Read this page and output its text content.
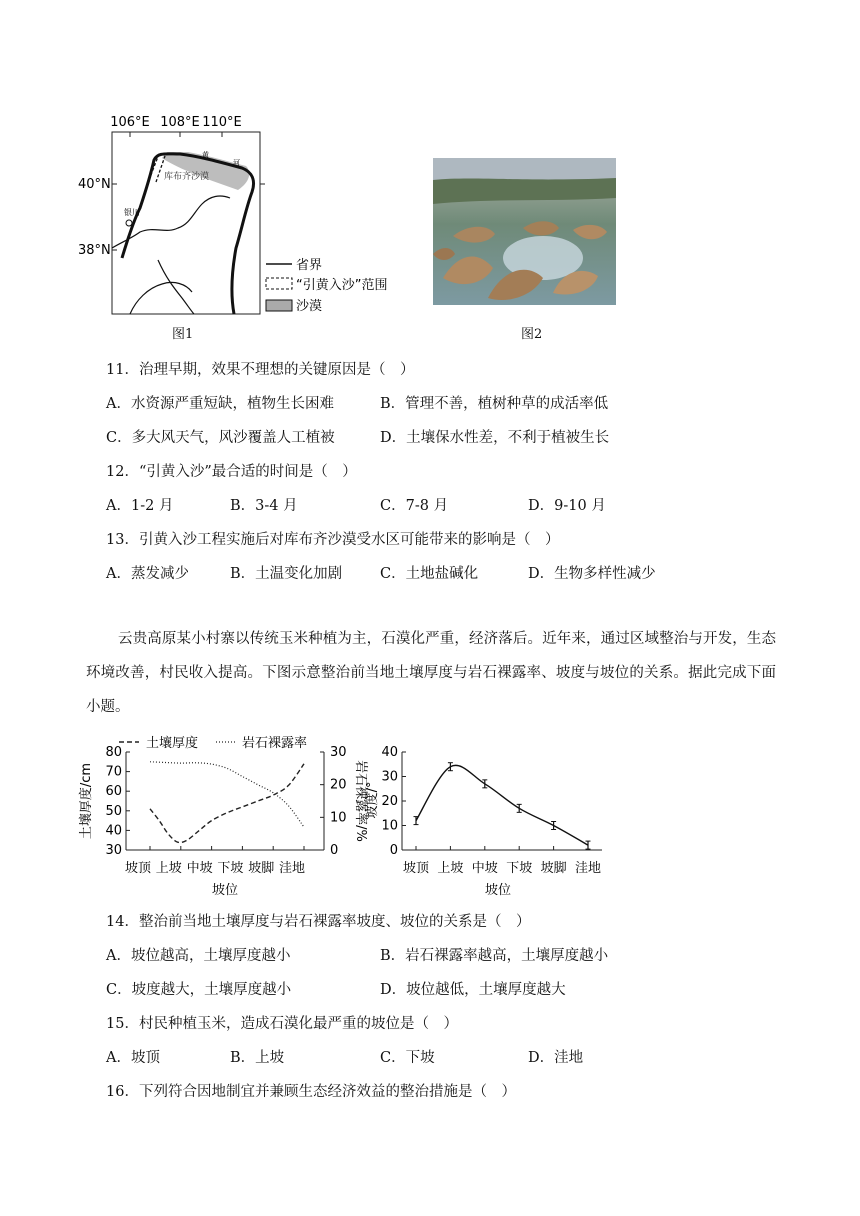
106°E 108°E 110°E
40°N
38°N
黄
河
库布齐沙漠
银川
省界
“引黄入沙”范围
沙漠
图1	图2
11．治理早期，效果不理想的关键原因是（　）
A．水资源严重短缺，植物生长困难	B．管理不善，植树种草的成活率低
C．多大风天气，风沙覆盖人工植被	D．土壤保水性差，不利于植被生长
12．“引黄入沙”最合适的时间是（　）
A．1-2 月	B．3-4 月	C．7-8 月	D．9-10 月
13．引黄入沙工程实施后对库布齐沙漠受水区可能带来的影响是（　）
A．蒸发减少	B．土温变化加剧	C．土地盐碱化	D．生物多样性减少
云贵高原某小村寨以传统玉米种植为主，石漠化严重，经济落后。近年来，通过区域整治与开发，生态环境改善，村民收入提高。下图示意整治前当地土壤厚度与岩石裸露率、坡度与坡位的关系。据此完成下面小题。
土壤厚度	岩石裸露率
30
40
50
60
70
80
0
10
20
30
坡顶 上坡 中坡 下坡 坡脚 洼地
土壤厚度/cm	岩石裸露率/%
坡位
0
10
20
30
40
坡顶 上坡 中坡 下坡 坡脚 洼地
坡度/°
坡位
14．整治前当地土壤厚度与岩石裸露率坡度、坡位的关系是（　）
A．坡位越高，土壤厚度越小	B．岩石裸露率越高，土壤厚度越小
C．坡度越大，土壤厚度越小	D．坡位越低，土壤厚度越大
15．村民种植玉米，造成石漠化最严重的坡位是（　）
A．坡顶	B．上坡	C．下坡	D．洼地
16．下列符合因地制宜并兼顾生态经济效益的整治措施是（　）
